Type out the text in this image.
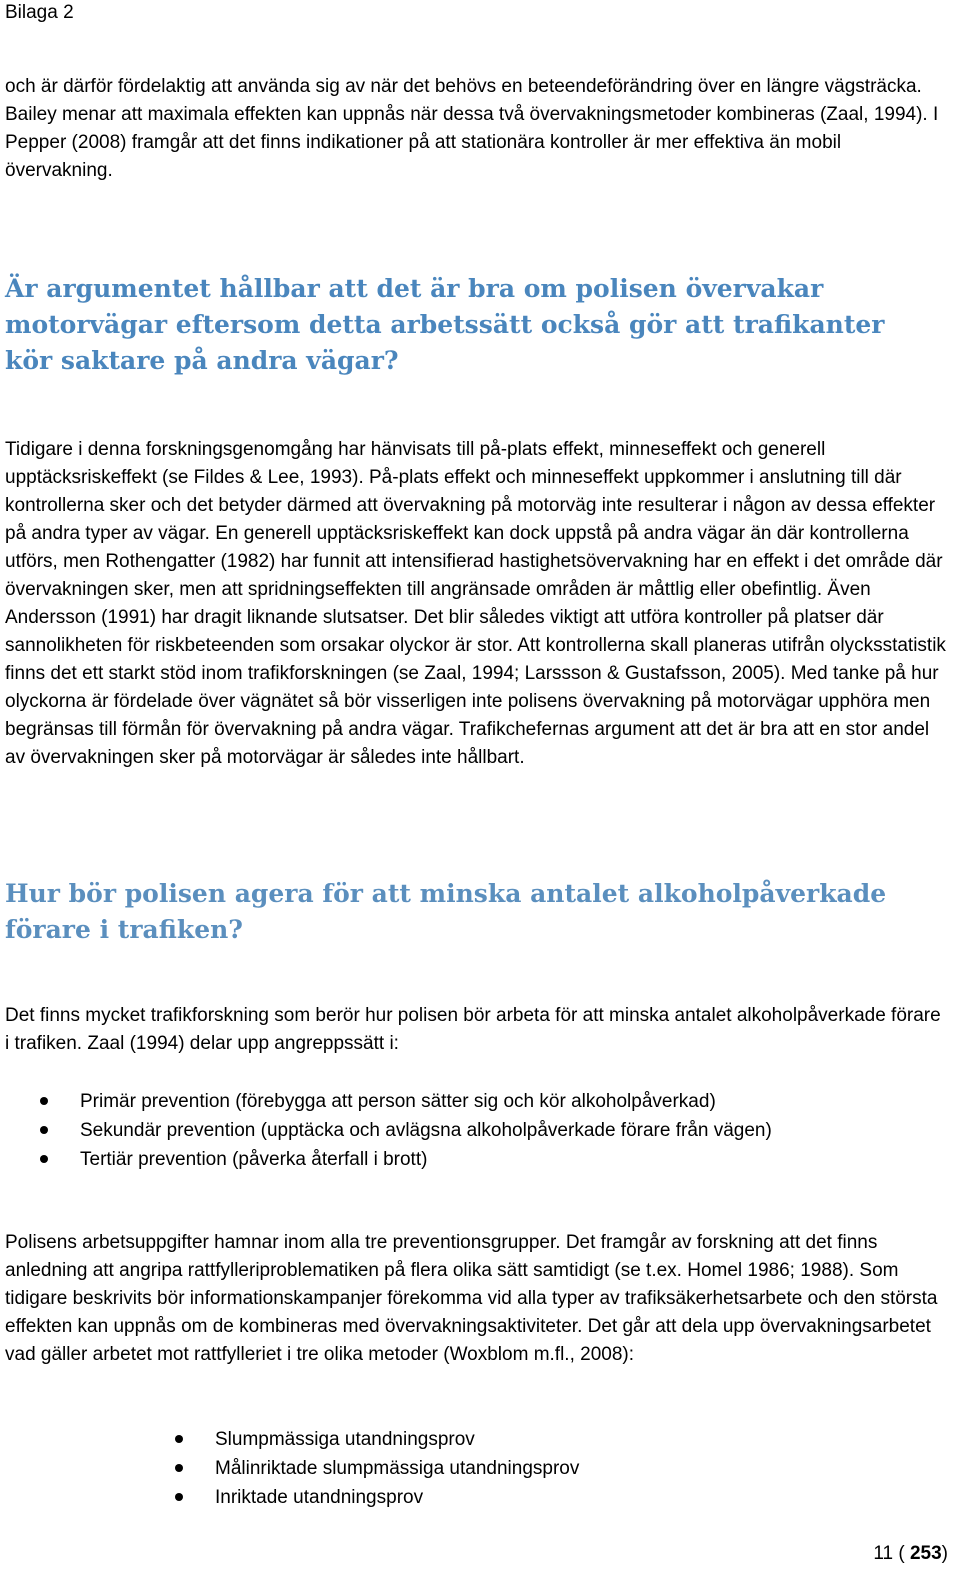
Bilaga 2

och är därför fördelaktig att använda sig av när det behövs en beteendeförändring över en längre vägsträcka. Bailey menar att maximala effekten kan uppnås när dessa två övervakningsmetoder kombineras (Zaal, 1994). I Pepper (2008) framgår att det finns indikationer på att stationära kontroller är mer effektiva än mobil övervakning.

Är argumentet hållbar att det är bra om polisen övervakar motorvägar eftersom detta arbetssätt också gör att trafikanter kör saktare på andra vägar?

Tidigare i denna forskningsgenomgång har hänvisats till på-plats effekt, minneseffekt och generell upptäcksriskeffekt (se Fildes & Lee, 1993). På-plats effekt och minneseffekt uppkommer i anslutning till där kontrollerna sker och det betyder därmed att övervakning på motorväg inte resulterar i någon av dessa effekter på andra typer av vägar. En generell upptäcksriskeffekt kan dock uppstå på andra vägar än där kontrollerna utförs, men Rothengatter (1982) har funnit att intensifierad hastighetsövervakning har en effekt i det område där övervakningen sker, men att spridningseffekten till angränsade områden är måttlig eller obefintlig. Även Andersson (1991) har dragit liknande slutsatser. Det blir således viktigt att utföra kontroller på platser där sannolikheten för riskbeteenden som orsakar olyckor är stor. Att kontrollerna skall planeras utifrån olycksstatistik finns det ett starkt stöd inom trafikforskningen (se Zaal, 1994; Larssson & Gustafsson, 2005). Med tanke på hur olyckorna är fördelade över vägnätet så bör visserligen inte polisens övervakning på motorvägar upphöra men begränsas till förmån för övervakning på andra vägar. Trafikchefernas argument att det är bra att en stor andel av övervakningen sker på motorvägar är således inte hållbart.

Hur bör polisen agera för att minska antalet alkoholpåverkade förare i trafiken?

Det finns mycket trafikforskning som berör hur polisen bör arbeta för att minska antalet alkoholpåverkade förare i trafiken. Zaal (1994) delar upp angreppssätt i:

Primär prevention (förebygga att person sätter sig och kör alkoholpåverkad)
Sekundär prevention (upptäcka och avlägsna alkoholpåverkade förare från vägen)
Tertiär prevention (påverka återfall i brott)

Polisens arbetsuppgifter hamnar inom alla tre preventionsgrupper. Det framgår av forskning att det finns anledning att angripa rattfylleriproblematiken på flera olika sätt samtidigt (se t.ex. Homel 1986; 1988). Som tidigare beskrivits bör informationskampanjer förekomma vid alla typer av trafiksäkerhetsarbete och den största effekten kan uppnås om de kombineras med övervakningsaktiviteter. Det går att dela upp övervakningsarbetet vad gäller arbetet mot rattfylleriet i tre olika metoder (Woxblom m.fl., 2008):

Slumpmässiga utandningsprov
Målinriktade slumpmässiga utandningsprov
Inriktade utandningsprov
11 ( 253)
